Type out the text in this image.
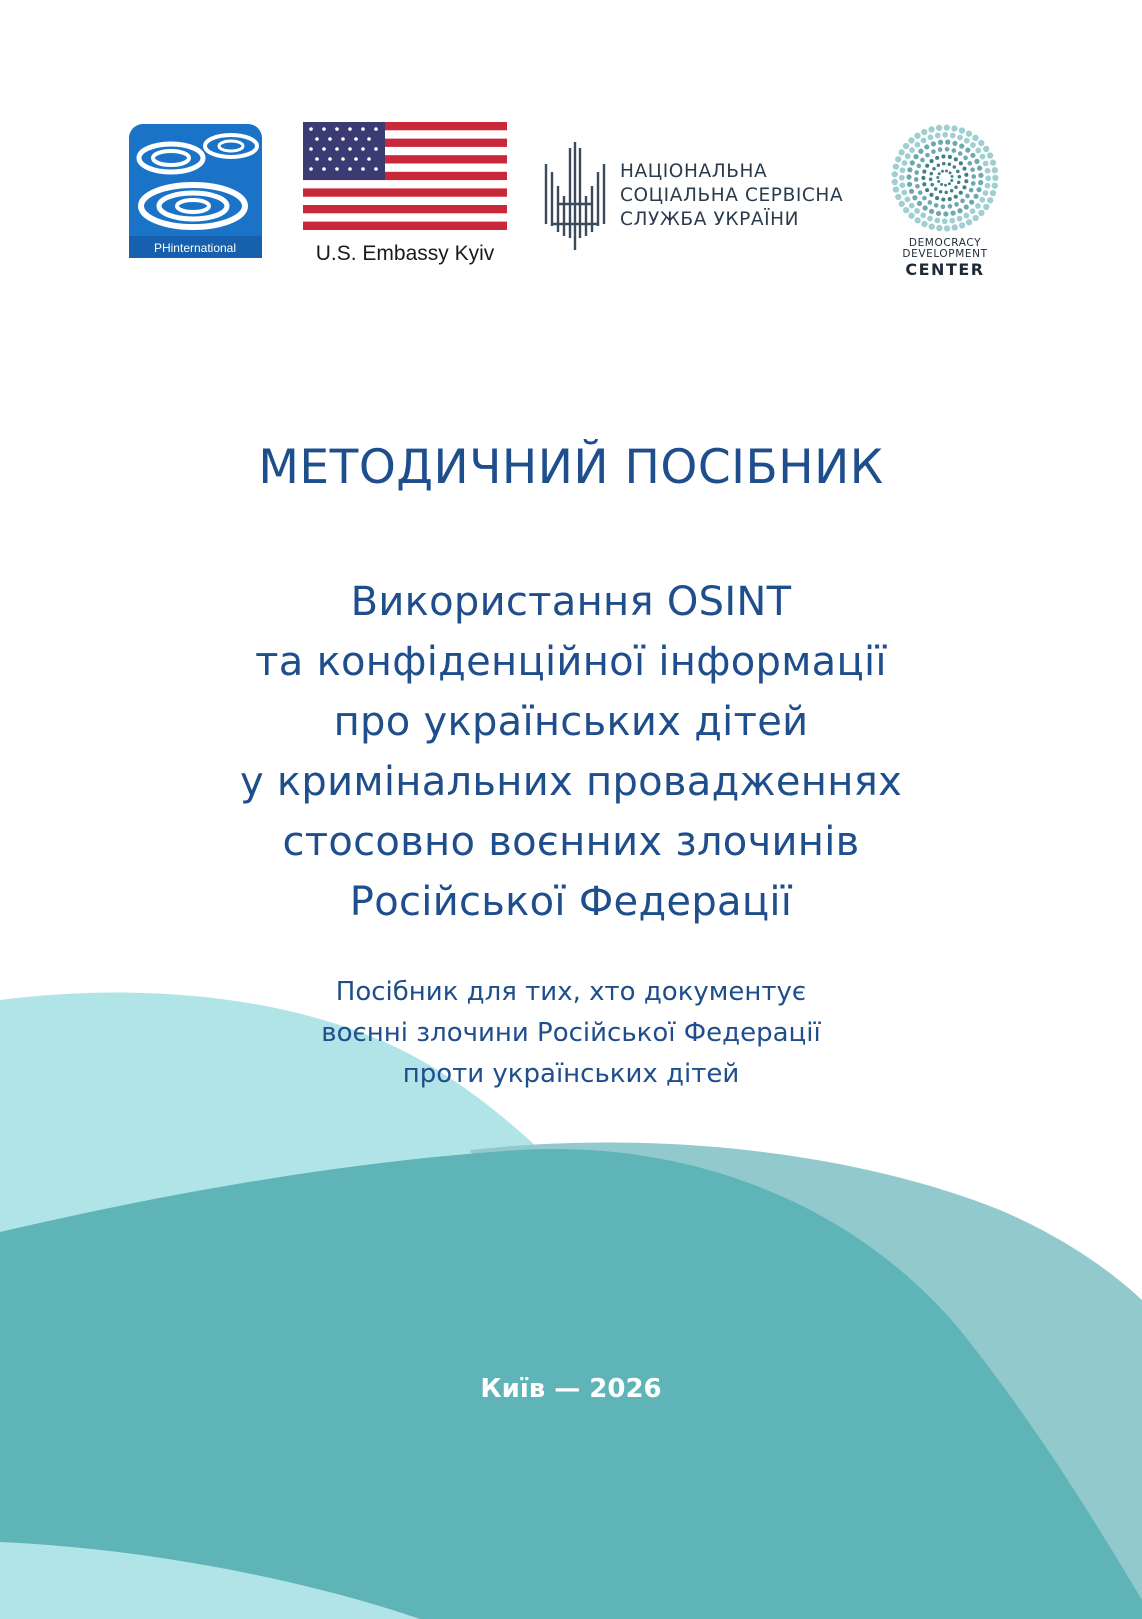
PHinternational	U.S. Embassy Kyiv
НАЦІОНАЛЬНА
СОЦІАЛЬНА СЕРВІСНА
СЛУЖБА УКРАЇНИ
DEMOCRACY
DEVELOPMENT
CENTER
МЕТОДИЧНИЙ ПОСІБНИК
Використання OSINT
та конфіденційної інформації
про українських дітей
у кримінальних провадженнях
стосовно воєнних злочинів
Російської Федерації
Посібник для тих, хто документує
воєнні злочини Російської Федерації
проти українських дітей
Київ — 2026
